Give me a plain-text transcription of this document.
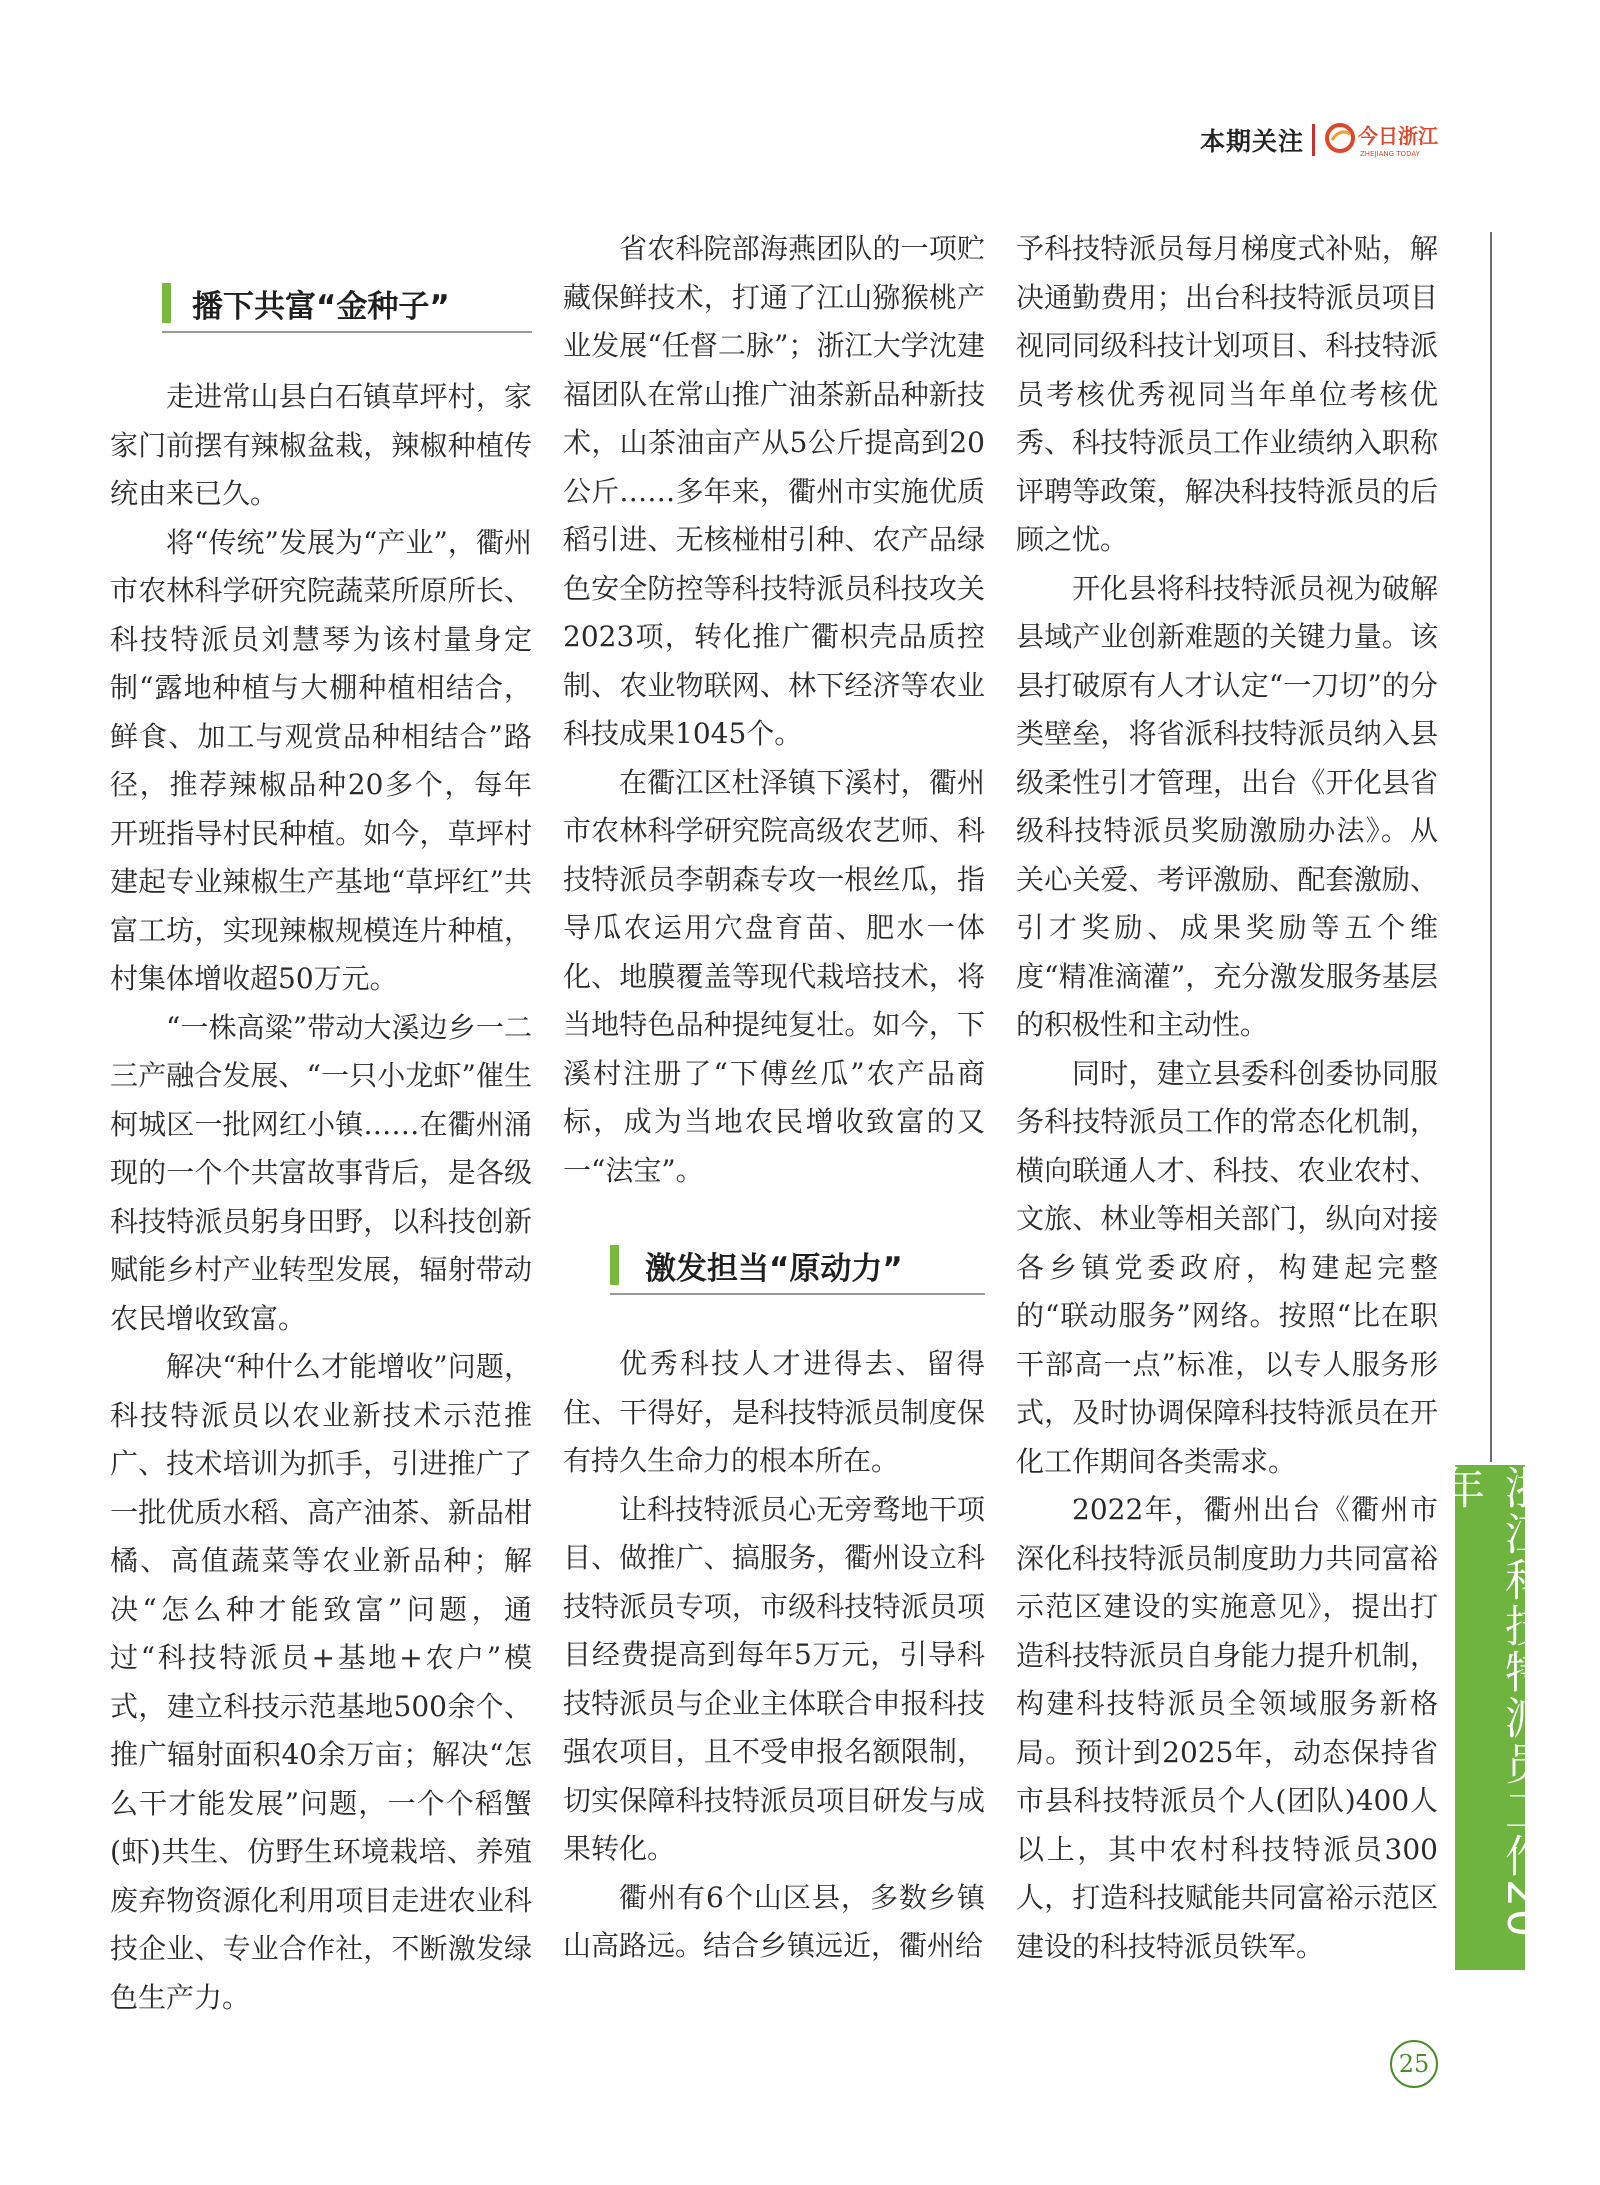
本期关注	今日浙江
ZHEJIANG TODAY
播下共富“金种子”

走进常山县白石镇草坪村，家家门前摆有辣椒盆栽，辣椒种植传统由来已久。

将“传统”发展为“产业”，衢州市农林科学研究院蔬菜所原所长、科技特派员刘慧琴为该村量身定制“露地种植与大棚种植相结合，鲜食、加工与观赏品种相结合”路径，推荐辣椒品种20多个，每年开班指导村民种植。如今，草坪村建起专业辣椒生产基地“草坪红”共富工坊，实现辣椒规模连片种植，村集体增收超50万元。

“一株高粱”带动大溪边乡一二三产融合发展、“一只小龙虾”催生柯城区一批网红小镇……在衢州涌现的一个个共富故事背后，是各级科技特派员躬身田野，以科技创新赋能乡村产业转型发展，辐射带动农民增收致富。

解决“种什么才能增收”问题，科技特派员以农业新技术示范推广、技术培训为抓手，引进推广了一批优质水稻、高产油茶、新品柑橘、高值蔬菜等农业新品种；解决“怎么种才能致富”问题，通过“科技特派员+基地+农户”模式，建立科技示范基地500余个、推广辐射面积40余万亩；解决“怎么干才能发展”问题，一个个稻蟹(虾)共生、仿野生环境栽培、养殖废弃物资源化利用项目走进农业科技企业、专业合作社，不断激发绿色生产力。

省农科院部海燕团队的一项贮藏保鲜技术，打通了江山猕猴桃产业发展“任督二脉”；浙江大学沈建福团队在常山推广油茶新品种新技术，山茶油亩产从5公斤提高到20公斤……多年来，衢州市实施优质稻引进、无核椪柑引种、农产品绿色安全防控等科技特派员科技攻关2023项，转化推广衢枳壳品质控制、农业物联网、林下经济等农业科技成果1045个。

在衢江区杜泽镇下溪村，衢州市农林科学研究院高级农艺师、科技特派员李朝森专攻一根丝瓜，指导瓜农运用穴盘育苗、肥水一体化、地膜覆盖等现代栽培技术，将当地特色品种提纯复壮。如今，下溪村注册了“下傅丝瓜”农产品商标，成为当地农民增收致富的又一“法宝”。

激发担当“原动力”

优秀科技人才进得去、留得住、干得好，是科技特派员制度保有持久生命力的根本所在。

让科技特派员心无旁骛地干项目、做推广、搞服务，衢州设立科技特派员专项，市级科技特派员项目经费提高到每年5万元，引导科技特派员与企业主体联合申报科技强农项目，且不受申报名额限制，切实保障科技特派员项目研发与成果转化。

衢州有6个山区县，多数乡镇山高路远。结合乡镇远近，衢州给

予科技特派员每月梯度式补贴，解决通勤费用；出台科技特派员项目视同同级科技计划项目、科技特派员考核优秀视同当年单位考核优秀、科技特派员工作业绩纳入职称评聘等政策，解决科技特派员的后顾之忧。

开化县将科技特派员视为破解县域产业创新难题的关键力量。该县打破原有人才认定“一刀切”的分类壁垒，将省派科技特派员纳入县级柔性引才管理，出台《开化县省级科技特派员奖励激励办法》。从关心关爱、考评激励、配套激励、引才奖励、成果奖励等五个维度“精准滴灌”，充分激发服务基层的积极性和主动性。

同时，建立县委科创委协同服务科技特派员工作的常态化机制，横向联通人才、科技、农业农村、文旅、林业等相关部门，纵向对接各乡镇党委政府，构建起完整的“联动服务”网络。按照“比在职干部高一点”标准，以专人服务形式，及时协调保障科技特派员在开化工作期间各类需求。

2022年，衢州出台《衢州市深化科技特派员制度助力共同富裕示范区建设的实施意见》，提出打造科技特派员自身能力提升机制，构建科技特派员全领域服务新格局。预计到2025年，动态保持省市县科技特派员个人(团队)400人以上，其中农村科技特派员300人，打造科技赋能共同富裕示范区建设的科技特派员铁军。

浙江科技特派员工作20年
25
